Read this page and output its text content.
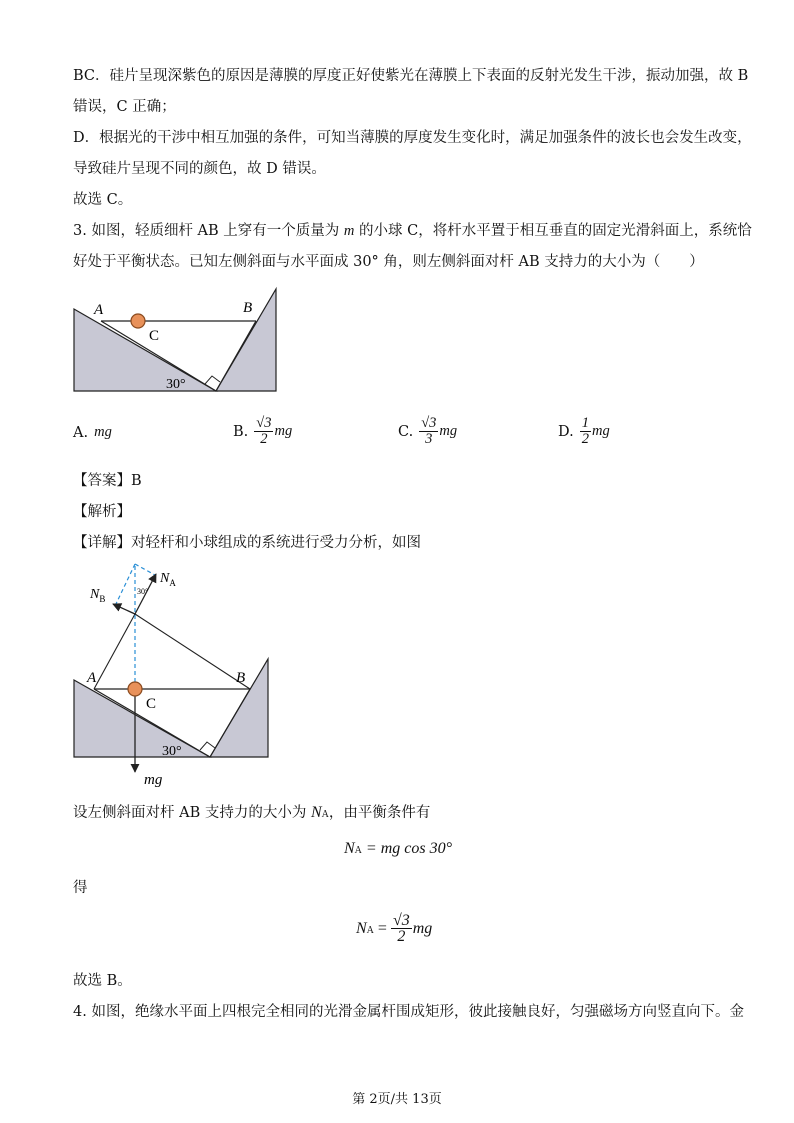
BC．硅片呈现深紫色的原因是薄膜的厚度正好使紫光在薄膜上下表面的反射光发生干涉，振动加强，故 B
错误，C 正确；
D．根据光的干涉中相互加强的条件，可知当薄膜的厚度发生变化时，满足加强条件的波长也会发生改变，
导致硅片呈现不同的颜色，故 D 错误。
故选 C。
3. 如图，轻质细杆 AB 上穿有一个质量为 m 的小球 C，将杆水平置于相互垂直的固定光滑斜面上，系统恰
好处于平衡状态。已知左侧斜面与水平面成 30° 角，则左侧斜面对杆 AB 支持力的大小为（　　）
A	B
C
30°
A. mg	B. $\frac{√3}{2}$ mg	C. $\frac{√3}{3}$ mg	D. $\frac{1}{2}$ mg
【答案】B
【解析】
【详解】对轻杆和小球组成的系统进行受力分析，如图
$N_A$
$N_B$
30°
A	B
C
30°
mg
设左侧斜面对杆 AB 支持力的大小为 NA，由平衡条件有
NA = mg cos 30°
得
NA = $\frac{√3}{2}$ mg
故选 B。
4. 如图，绝缘水平面上四根完全相同的光滑金属杆围成矩形，彼此接触良好，匀强磁场方向竖直向下。金
第 2页/共 13页
